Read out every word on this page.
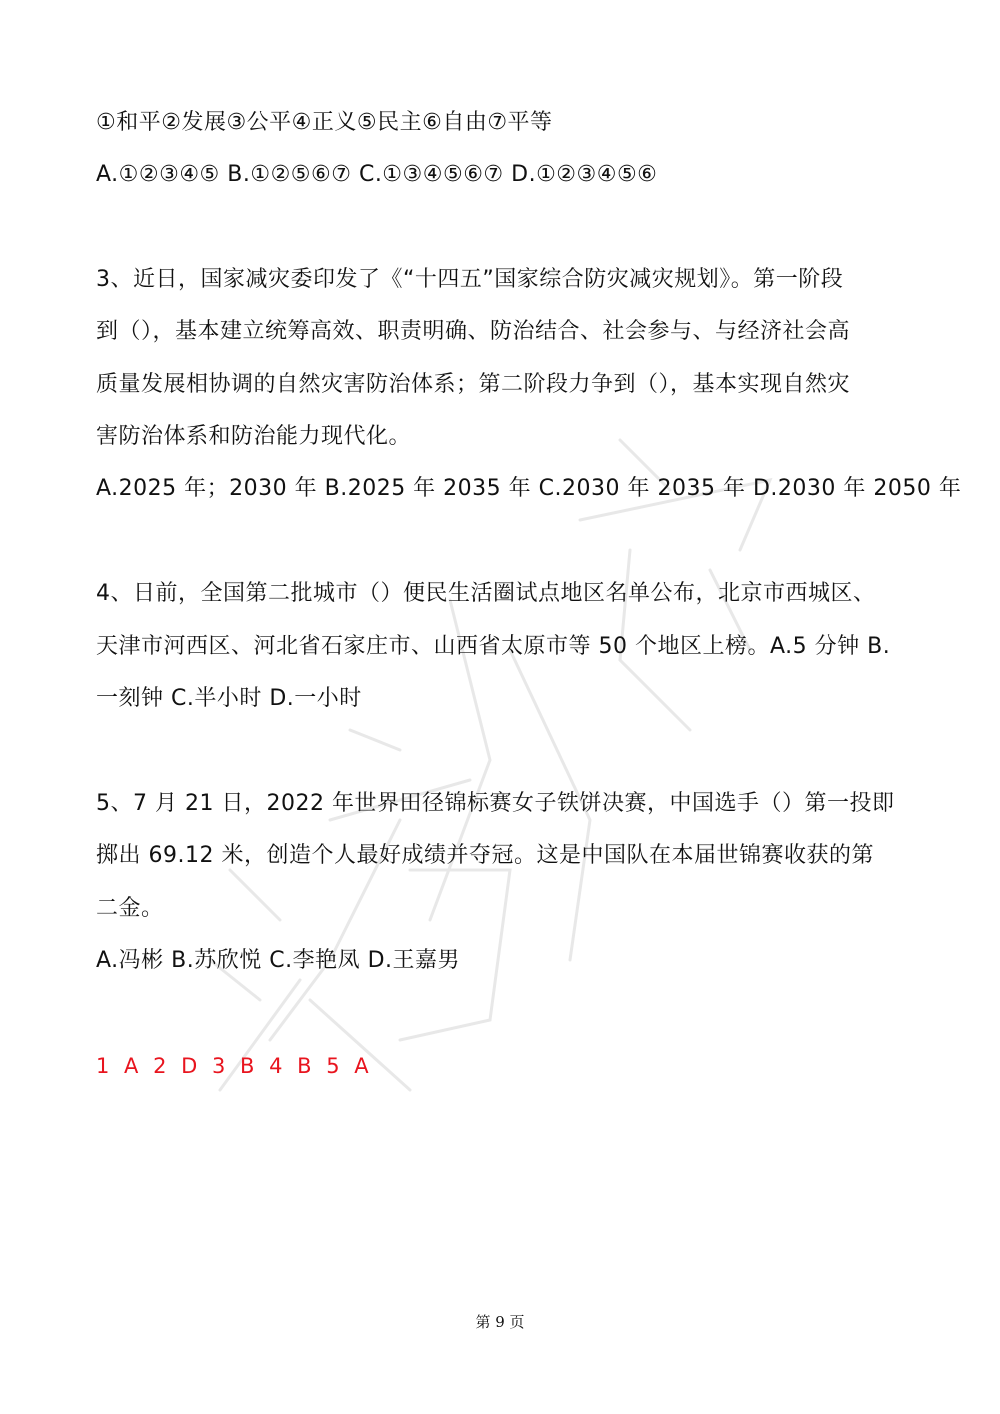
①和平②发展③公平④正义⑤民主⑥自由⑦平等
A.①②③④⑤ B.①②⑤⑥⑦ C.①③④⑤⑥⑦ D.①②③④⑤⑥
3、近日，国家减灾委印发了《“十四五”国家综合防灾减灾规划》。第一阶段
到（），基本建立统筹高效、职责明确、防治结合、社会参与、与经济社会高
质量发展相协调的自然灾害防治体系；第二阶段力争到（），基本实现自然灾
害防治体系和防治能力现代化。
A.2025 年；2030 年 B.2025 年 2035 年 C.2030 年 2035 年 D.2030 年 2050 年
4、日前，全国第二批城市（）便民生活圈试点地区名单公布，北京市西城区、
天津市河西区、河北省石家庄市、山西省太原市等 50 个地区上榜。A.5 分钟 B.
一刻钟 C.半小时 D.一小时
5、7 月 21 日，2022 年世界田径锦标赛女子铁饼决赛，中国选手（）第一投即
掷出 69.12 米，创造个人最好成绩并夺冠。这是中国队在本届世锦赛收获的第
二金。
A.冯彬 B.苏欣悦 C.李艳凤 D.王嘉男
1 A 2 D 3 B 4 B 5 A
第 9 页
